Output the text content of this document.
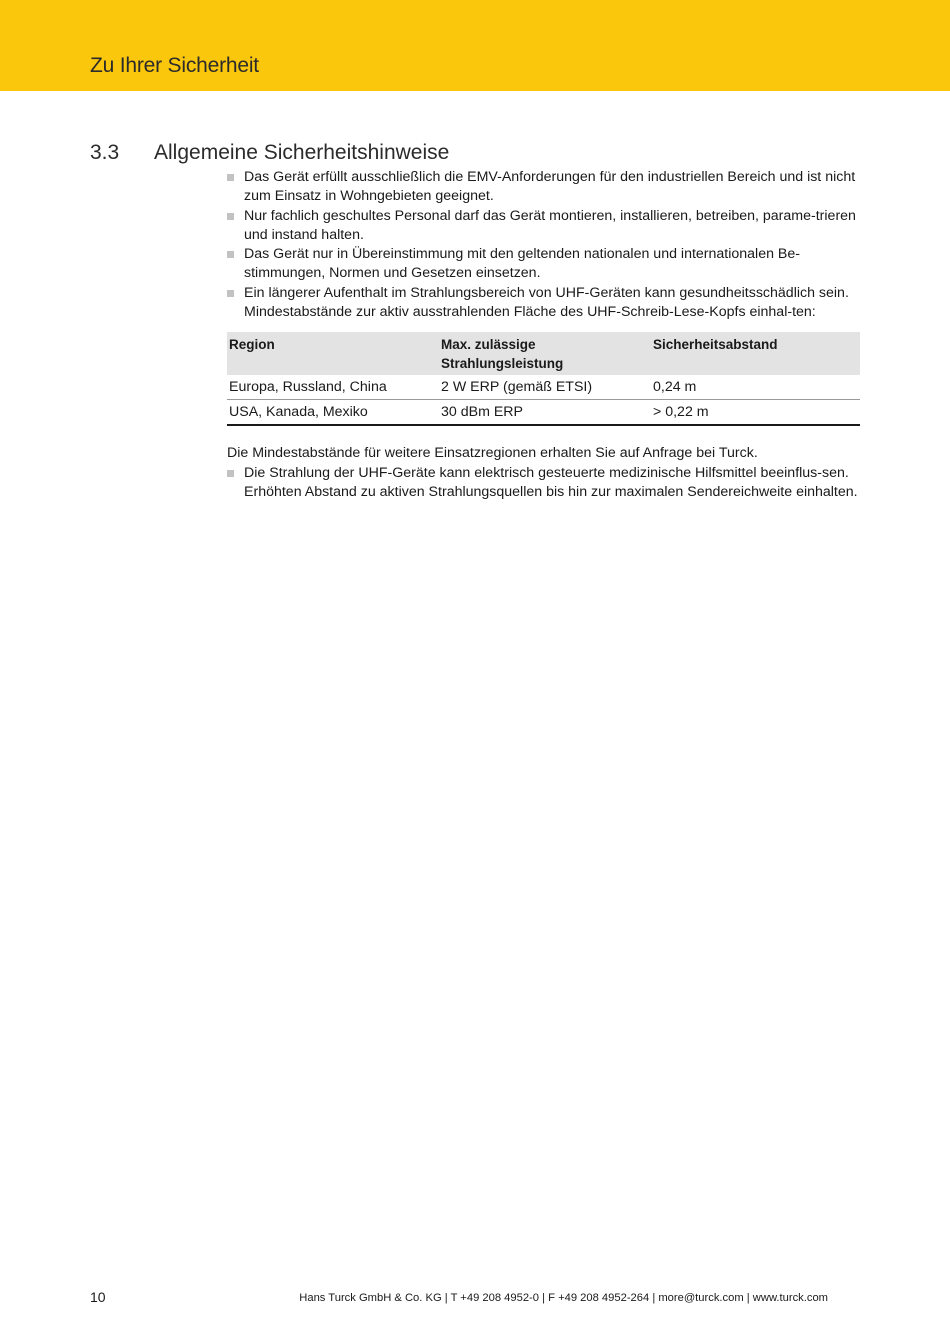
Zu Ihrer Sicherheit
3.3 Allgemeine Sicherheitshinweise
Das Gerät erfüllt ausschließlich die EMV-Anforderungen für den industriellen Bereich und ist nicht zum Einsatz in Wohngebieten geeignet.
Nur fachlich geschultes Personal darf das Gerät montieren, installieren, betreiben, parame-trieren und instand halten.
Das Gerät nur in Übereinstimmung mit den geltenden nationalen und internationalen Be-stimmungen, Normen und Gesetzen einsetzen.
Ein längerer Aufenthalt im Strahlungsbereich von UHF-Geräten kann gesundheitsschädlich sein. Mindestabstände zur aktiv ausstrahlenden Fläche des UHF-Schreib-Lese-Kopfs einhal-ten:
Region	Max. zulässige Strahlungsleistung	Sicherheitsabstand
Europa, Russland, China	2 W ERP (gemäß ETSI)	0,24 m
USA, Kanada, Mexiko	30 dBm ERP	> 0,22 m

Die Mindestabstände für weitere Einsatzregionen erhalten Sie auf Anfrage bei Turck.

Die Strahlung der UHF-Geräte kann elektrisch gesteuerte medizinische Hilfsmittel beeinflus-sen. Erhöhten Abstand zu aktiven Strahlungsquellen bis hin zur maximalen Sendereichweite einhalten.
10	Hans Turck GmbH & Co. KG | T +49 208 4952-0 | F +49 208 4952-264 | more@turck.com | www.turck.com
